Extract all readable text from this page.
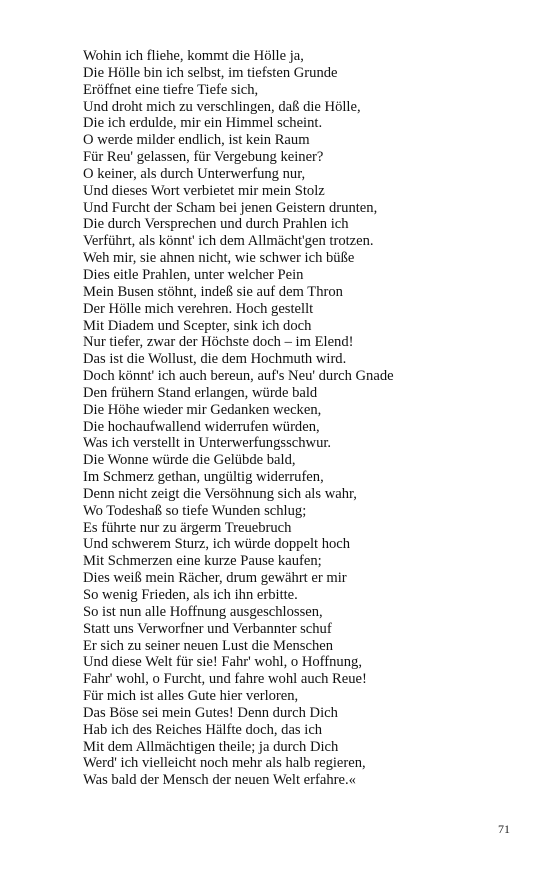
Wohin ich fliehe, kommt die Hölle ja,

Die Hölle bin ich selbst, im tiefsten Grunde

Eröffnet eine tiefre Tiefe sich,

Und droht mich zu verschlingen, daß die Hölle,

Die ich erdulde, mir ein Himmel scheint.

O werde milder endlich, ist kein Raum

Für Reu' gelassen, für Vergebung keiner?

O keiner, als durch Unterwerfung nur,

Und dieses Wort verbietet mir mein Stolz

Und Furcht der Scham bei jenen Geistern drunten,

Die durch Versprechen und durch Prahlen ich

Verführt, als könnt' ich dem Allmächt'gen trotzen.

Weh mir, sie ahnen nicht, wie schwer ich büße

Dies eitle Prahlen, unter welcher Pein

Mein Busen stöhnt, indeß sie auf dem Thron

Der Hölle mich verehren. Hoch gestellt

Mit Diadem und Scepter, sink ich doch

Nur tiefer, zwar der Höchste doch – im Elend!

Das ist die Wollust, die dem Hochmuth wird.

Doch könnt' ich auch bereun, auf's Neu' durch Gnade

Den frühern Stand erlangen, würde bald

Die Höhe wieder mir Gedanken wecken,

Die hochaufwallend widerrufen würden,

Was ich verstellt in Unterwerfungsschwur.

Die Wonne würde die Gelübde bald,

Im Schmerz gethan, ungültig widerrufen,

Denn nicht zeigt die Versöhnung sich als wahr,

Wo Todeshaß so tiefe Wunden schlug;

Es führte nur zu ärgerm Treuebruch

Und schwerem Sturz, ich würde doppelt hoch

Mit Schmerzen eine kurze Pause kaufen;

Dies weiß mein Rächer, drum gewährt er mir

So wenig Frieden, als ich ihn erbitte.

So ist nun alle Hoffnung ausgeschlossen,

Statt uns Verworfner und Verbannter schuf

Er sich zu seiner neuen Lust die Menschen

Und diese Welt für sie! Fahr' wohl, o Hoffnung,

Fahr' wohl, o Furcht, und fahre wohl auch Reue!

Für mich ist alles Gute hier verloren,

Das Böse sei mein Gutes! Denn durch Dich

Hab ich des Reiches Hälfte doch, das ich

Mit dem Allmächtigen theile; ja durch Dich

Werd' ich vielleicht noch mehr als halb regieren,

Was bald der Mensch der neuen Welt erfahre.«

71
